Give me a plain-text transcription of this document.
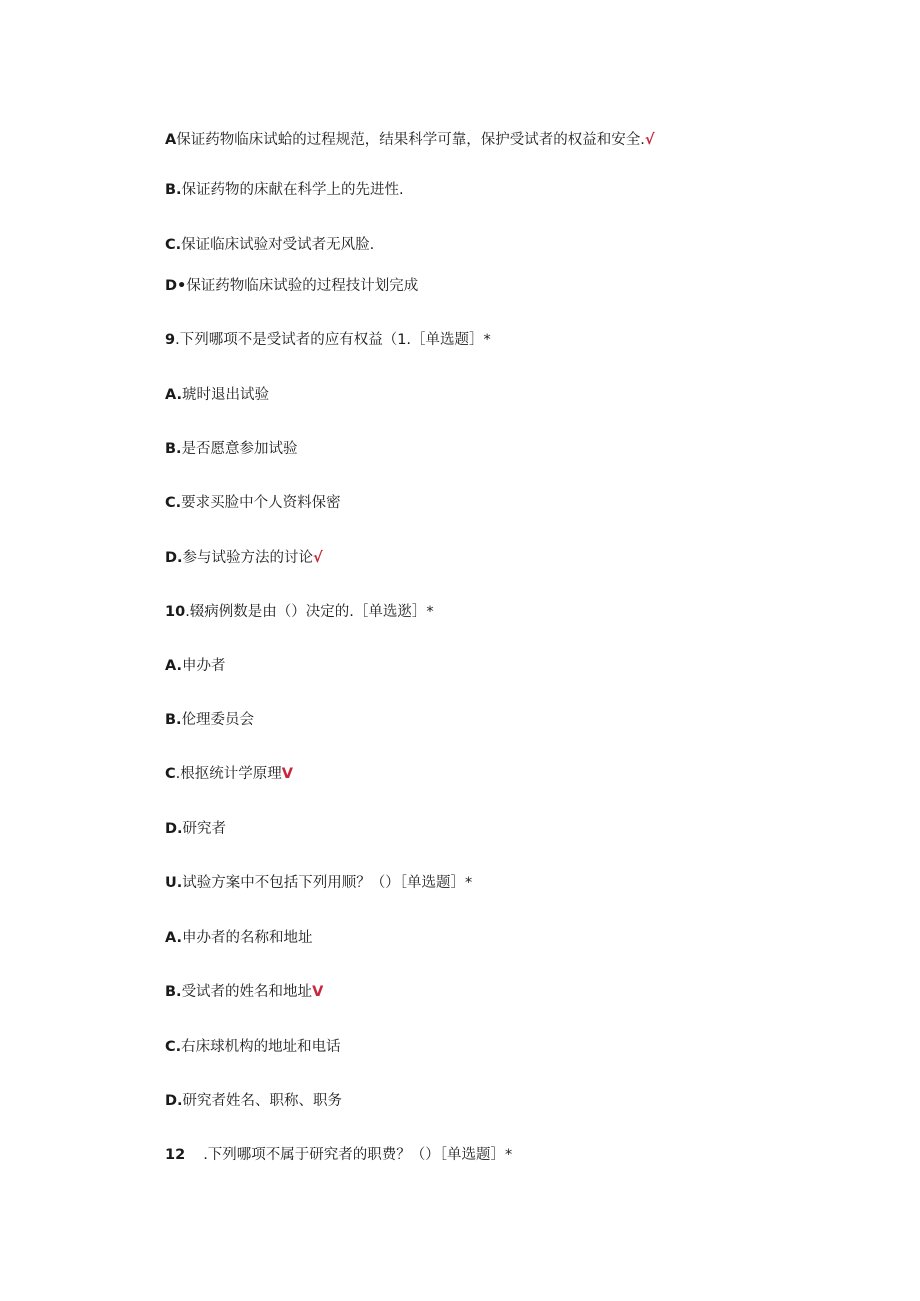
A保证药物临床试蛤的过程规范，结果科学可靠，保护受试者的权益和安全.√
B.保证药物的床献在科学上的先进性.
C.保证临床试验对受试者无风脸.
D•保证药物临床试验的过程技计划完成
9.下列哪项不是受试者的应有权益（1.［单选题］*
A.琥时退出试验
B.是否愿意参加试验
C.要求买脸中个人资料保密
D.参与试验方法的讨论√
10.辍病例数是由（）决定的.［单选逖］*
A.申办者
B.伦理委员会
C.根抠统计学原理V
D.研究者
U.试验方案中不包括下列用顺？（）［单选题］*
A.申办者的名称和地址
B.受试者的姓名和地址V
C.右床球机构的地址和电话
D.研究者姓名、职称、职务
12 .下列哪项不属于研究者的职费？（）［单选题］*
